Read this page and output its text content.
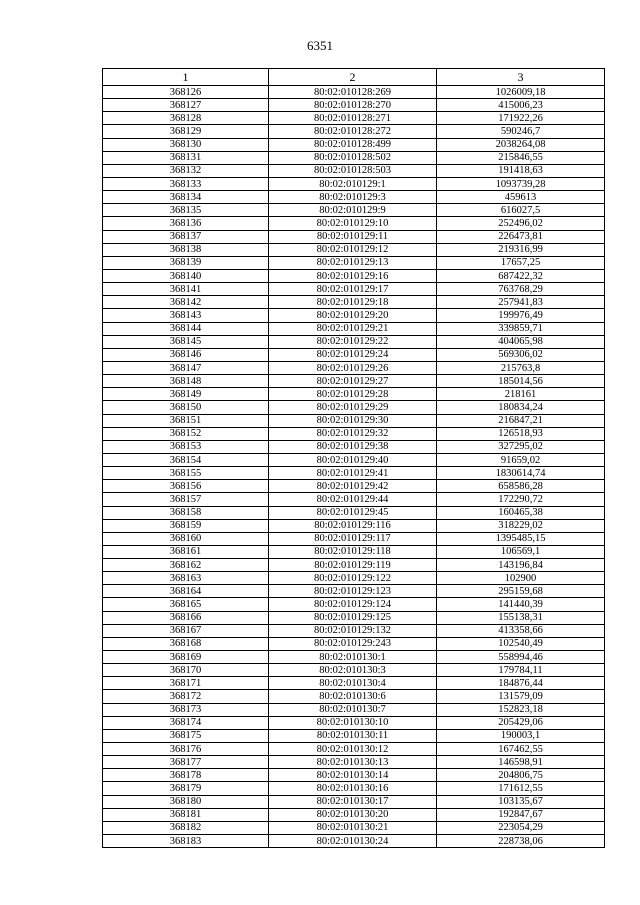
6351
1	2	3
368126	80:02:010128:269	1026009,18
368127	80:02:010128:270	415006,23
368128	80:02:010128:271	171922,26
368129	80:02:010128:272	590246,7
368130	80:02:010128:499	2038264,08
368131	80:02:010128:502	215846,55
368132	80:02:010128:503	191418,63
368133	80:02:010129:1	1093739,28
368134	80:02:010129:3	459613
368135	80:02:010129:9	616027,5
368136	80:02:010129:10	252496,02
368137	80:02:010129:11	226473,81
368138	80:02:010129:12	219316,99
368139	80:02:010129:13	17657,25
368140	80:02:010129:16	687422,32
368141	80:02:010129:17	763768,29
368142	80:02:010129:18	257941,83
368143	80:02:010129:20	199976,49
368144	80:02:010129:21	339859,71
368145	80:02:010129:22	404065,98
368146	80:02:010129:24	569306,02
368147	80:02:010129:26	215763,8
368148	80:02:010129:27	185014,56
368149	80:02:010129:28	218161
368150	80:02:010129:29	180834,24
368151	80:02:010129:30	216847,21
368152	80:02:010129:32	126518,93
368153	80:02:010129:38	327295,02
368154	80:02:010129:40	91659,02
368155	80:02:010129:41	1830614,74
368156	80:02:010129:42	658586,28
368157	80:02:010129:44	172290,72
368158	80:02:010129:45	160465,38
368159	80:02:010129:116	318229,02
368160	80:02:010129:117	1395485,15
368161	80:02:010129:118	106569,1
368162	80:02:010129:119	143196,84
368163	80:02:010129:122	102900
368164	80:02:010129:123	295159,68
368165	80:02:010129:124	141440,39
368166	80:02:010129:125	155138,31
368167	80:02:010129:132	413358,66
368168	80:02:010129:243	102540,49
368169	80:02:010130:1	558994,46
368170	80:02:010130:3	179784,11
368171	80:02:010130:4	184876,44
368172	80:02:010130:6	131579,09
368173	80:02:010130:7	152823,18
368174	80:02:010130:10	205429,06
368175	80:02:010130:11	190003,1
368176	80:02:010130:12	167462,55
368177	80:02:010130:13	146598,91
368178	80:02:010130:14	204806,75
368179	80:02:010130:16	171612,55
368180	80:02:010130:17	103135,67
368181	80:02:010130:20	192847,67
368182	80:02:010130:21	223054,29
368183	80:02:010130:24	228738,06
